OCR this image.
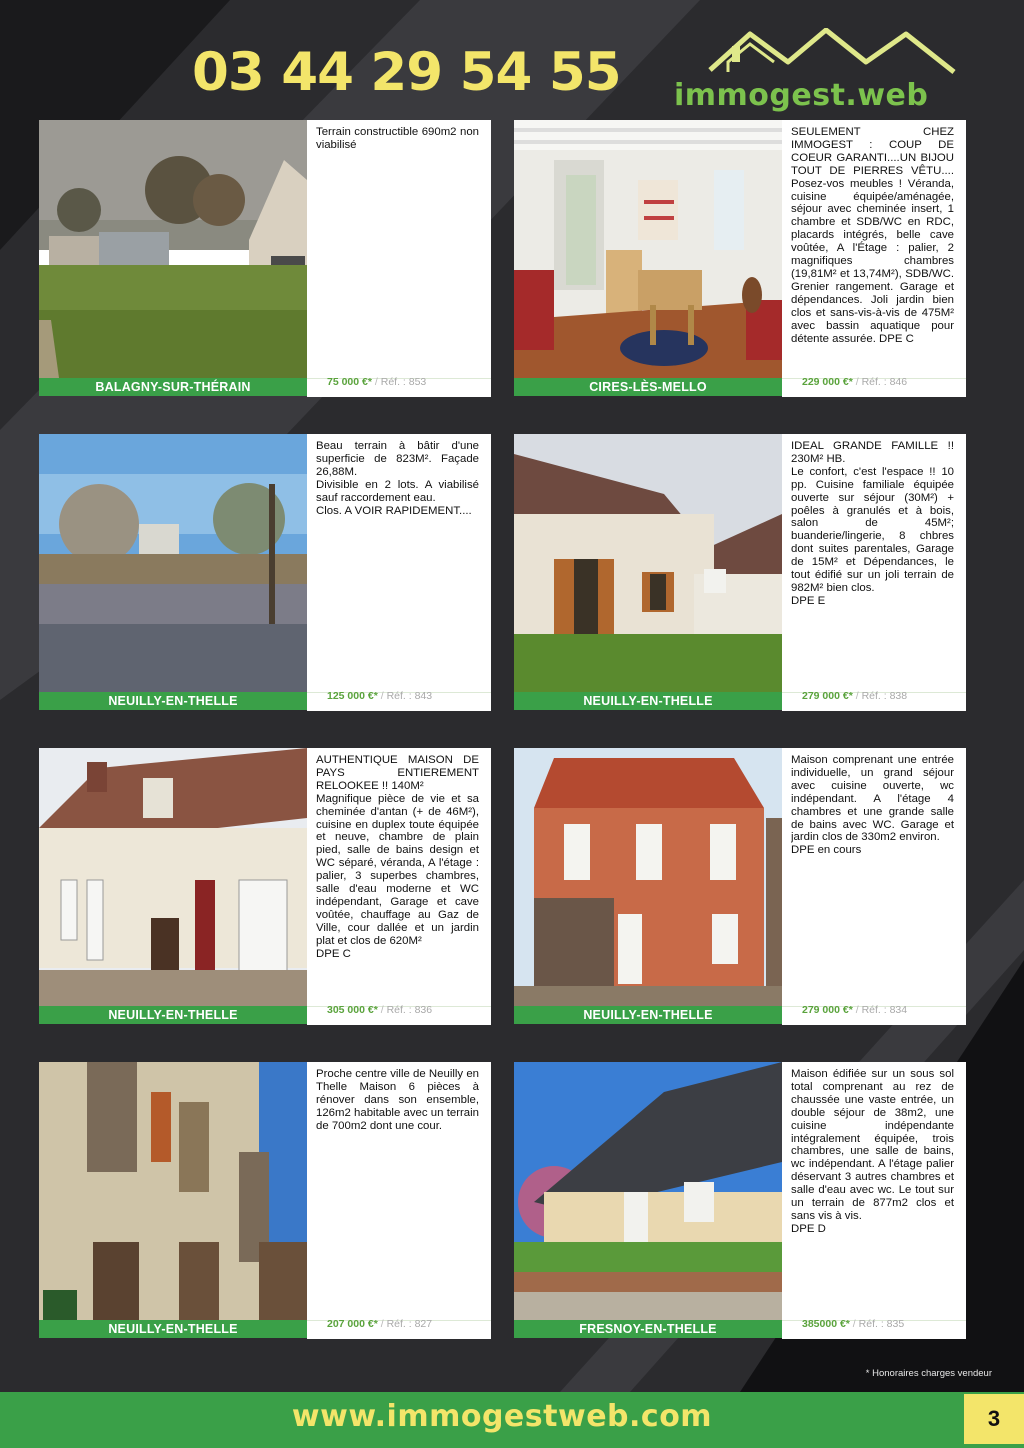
03 44 29 54 55 immogest.web
BALAGNY-SUR-THÉRAIN
Terrain constructible 690m2 non viabilisé
75 000 €* / Réf. : 853	CIRES-LÈS-MELLO
SEULEMENT CHEZ IMMOGEST : COUP DE COEUR GARANTI....UN BIJOU TOUT DE PIERRES VÊTU.... Posez-vos meubles ! Véranda, cuisine équipée/aménagée, séjour avec cheminée insert, 1 chambre et SDB/WC en RDC, placards intégrés, belle cave voûtée, A l'Étage : palier, 2 magnifiques chambres (19,81M² et 13,74M²), SDB/WC. Grenier rangement. Garage et dépendances. Joli jardin bien clos et sans-vis-à-vis de 475M² avec bassin aquatique pour détente assurée. DPE C
229 000 €* / Réf. : 846
NEUILLY-EN-THELLE
Beau terrain à bâtir d'une superficie de 823M². Façade 26,88M.
Divisible en 2 lots. A viabilisé sauf raccordement eau.
Clos. A VOIR RAPIDEMENT....
125 000 €* / Réf. : 843	NEUILLY-EN-THELLE
IDEAL GRANDE FAMILLE !! 230M² HB.
Le confort, c'est l'espace !! 10 pp. Cuisine familiale équipée ouverte sur séjour (30M²) + poêles à granulés et à bois, salon de 45M²; buanderie/lingerie, 8 chbres dont suites parentales, Garage de 15M² et Dépendances, le tout édifié sur un joli terrain de 982M² bien clos.
DPE E
279 000 €* / Réf. : 838
NEUILLY-EN-THELLE
AUTHENTIQUE MAISON DE PAYS ENTIEREMENT RELOOKEE !! 140M²
Magnifique pièce de vie et sa cheminée d'antan (+ de 46M²), cuisine en duplex toute équipée et neuve, chambre de plain pied, salle de bains design et WC séparé, véranda, A l'étage : palier, 3 superbes chambres, salle d'eau moderne et WC indépendant, Garage et cave voûtée, chauffage au Gaz de Ville, cour dallée et un jardin plat et clos de 620M²
DPE C
305 000 €* / Réf. : 836	NEUILLY-EN-THELLE
Maison comprenant une entrée individuelle, un grand séjour avec cuisine ouverte, wc indépendant. A l'étage 4 chambres et une grande salle de bains avec WC. Garage et jardin clos de 330m2 environ.
DPE en cours
279 000 €* / Réf. : 834
NEUILLY-EN-THELLE
Proche centre ville de Neuilly en Thelle Maison 6 pièces à rénover dans son ensemble, 126m2 habitable avec un terrain de 700m2 dont une cour.
207 000 €* / Réf. : 827	FRESNOY-EN-THELLE
Maison édifiée sur un sous sol total comprenant au rez de chaussée une vaste entrée, un double séjour de 38m2, une cuisine indépendante intégralement équipée, trois chambres, une salle de bains, wc indépendant. A l'étage palier déservant 3 autres chambres et salle d'eau avec wc. Le tout sur un terrain de 877m2 clos et sans vis à vis.
DPE D
385000 €* / Réf. : 835
* Honoraires charges vendeur
www.immogestweb.com	3
